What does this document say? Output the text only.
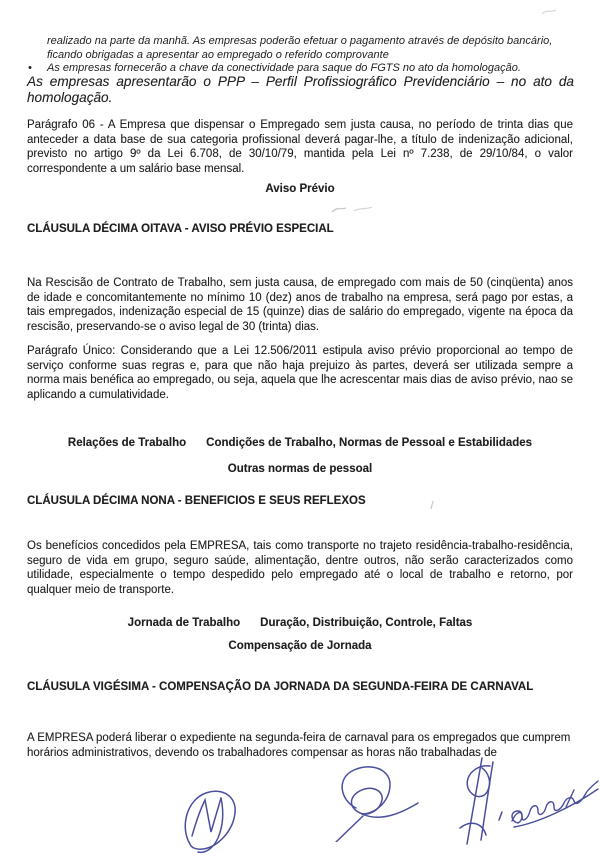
realizado na parte da manhã. As empresas poderão efetuar o pagamento através de depósito bancário, ficando obrigadas a apresentar ao empregado o referido comprovante
•	As empresas fornecerão a chave da conectividade para saque do FGTS no ato da homologação.
As empresas apresentarão o PPP – Perfil Profissiográfico Previdenciário – no ato da homologação.
Parágrafo 06 - A Empresa que dispensar o Empregado sem justa causa, no período de trinta dias que anteceder a data base de sua categoria profissional deverá pagar-lhe, a título de indenização adicional, previsto no artigo 9º da Lei 6.708, de 30/10/79, mantida pela Lei nº 7.238, de 29/10/84, o valor correspondente a um salário base mensal.
Aviso Prévio
CLÁUSULA DÉCIMA OITAVA - AVISO PRÉVIO ESPECIAL
Na Rescisão de Contrato de Trabalho, sem justa causa, de empregado com mais de 50 (cinqüenta) anos de idade e concomitantemente no mínimo 10 (dez) anos de trabalho na empresa, será pago por estas, a tais empregados, indenização especial de 15 (quinze) dias de salário do empregado, vigente na época da rescisão, preservando-se o aviso legal de 30 (trinta) dias.
Parágrafo Único: Considerando que a Lei 12.506/2011 estipula aviso prévio proporcional ao tempo de serviço conforme suas regras e, para que não haja prejuizo às partes, deverá ser utilizada sempre a norma mais benéfica ao empregado, ou seja, aquela que lhe acrescentar mais dias de aviso prévio, nao se aplicando a cumulatividade.
Relações de Trabalho Condições de Trabalho, Normas de Pessoal e Estabilidades
Outras normas de pessoal
CLÁUSULA DÉCIMA NONA - BENEFICIOS E SEUS REFLEXOS
Os benefícios concedidos pela EMPRESA, tais como transporte no trajeto residência-trabalho-residência, seguro de vida em grupo, seguro saúde, alimentação, dentre outros, não serão caracterizados como utilidade, especialmente o tempo despedido pelo empregado até o local de trabalho e retorno, por qualquer meio de transporte.
Jornada de Trabalho Duração, Distribuição, Controle, Faltas
Compensação de Jornada
CLÁUSULA VIGÉSIMA - COMPENSAÇÃO DA JORNADA DA SEGUNDA-FEIRA DE CARNAVAL
A EMPRESA poderá liberar o expediente na segunda-feira de carnaval para os empregados que cumprem horários administrativos, devendo os trabalhadores compensar as horas não trabalhadas de
